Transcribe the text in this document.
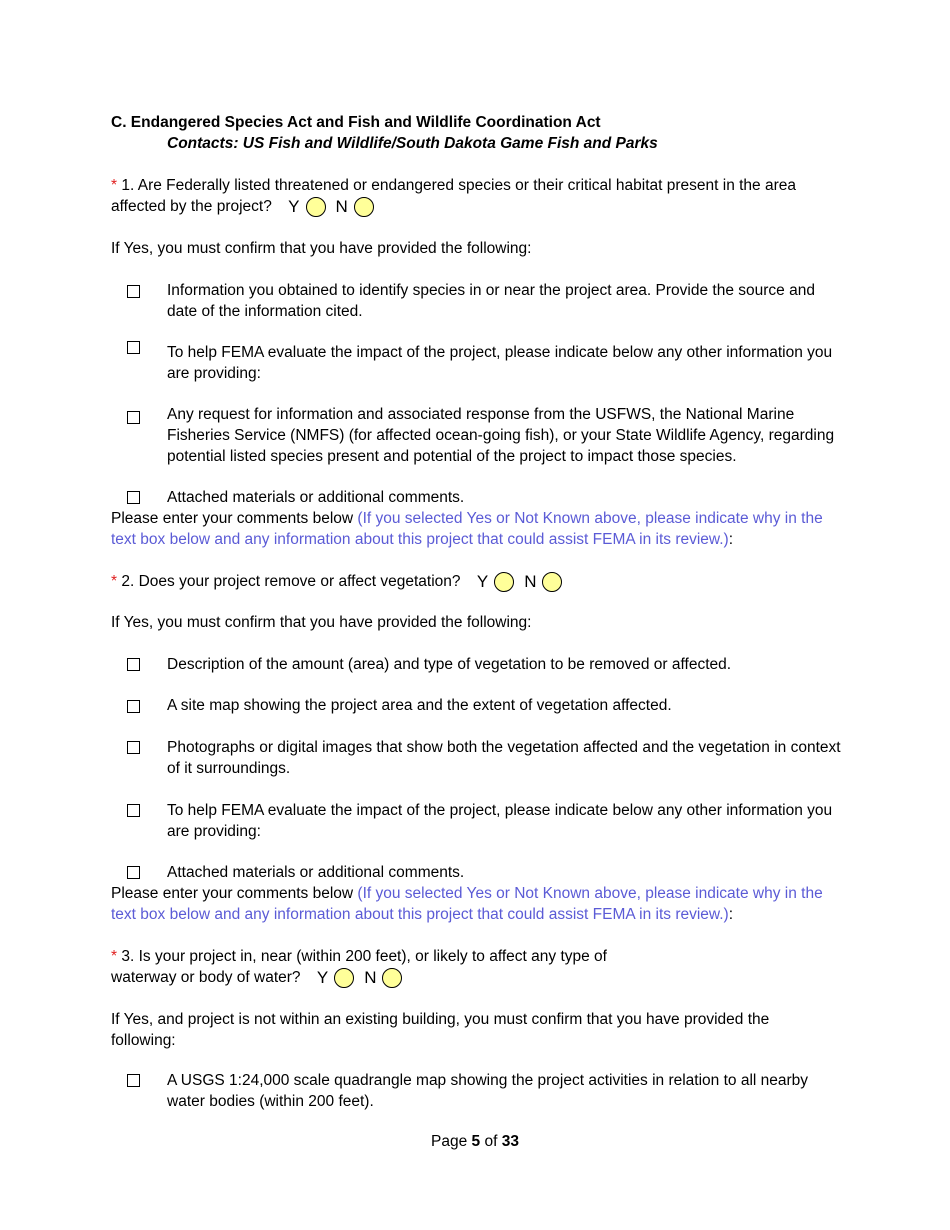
C. Endangered Species Act and Fish and Wildlife Coordination Act
Contacts: US Fish and Wildlife/South Dakota Game Fish and Parks
* 1. Are Federally listed threatened or endangered species or their critical habitat present in the area
affected by the project? Y N
If Yes, you must confirm that you have provided the following:
Information you obtained to identify species in or near the project area. Provide the source and date of the information cited.
To help FEMA evaluate the impact of the project, please indicate below any other information you are providing:
Any request for information and associated response from the USFWS, the National Marine Fisheries Service (NMFS) (for affected ocean-going fish), or your State Wildlife Agency, regarding potential listed species present and potential of the project to impact those species.
Attached materials or additional comments.
Please enter your comments below (If you selected Yes or Not Known above, please indicate why in the text box below and any information about this project that could assist FEMA in its review.):
* 2. Does your project remove or affect vegetation? Y N
If Yes, you must confirm that you have provided the following:
Description of the amount (area) and type of vegetation to be removed or affected.
A site map showing the project area and the extent of vegetation affected.
Photographs or digital images that show both the vegetation affected and the vegetation in context of it surroundings.
To help FEMA evaluate the impact of the project, please indicate below any other information you are providing:
Attached materials or additional comments.
Please enter your comments below (If you selected Yes or Not Known above, please indicate why in the text box below and any information about this project that could assist FEMA in its review.):
* 3. Is your project in, near (within 200 feet), or likely to affect any type of
waterway or body of water? Y N
If Yes, and project is not within an existing building, you must confirm that you have provided the following:
A USGS 1:24,000 scale quadrangle map showing the project activities in relation to all nearby water bodies (within 200 feet).
Page 5 of 33
